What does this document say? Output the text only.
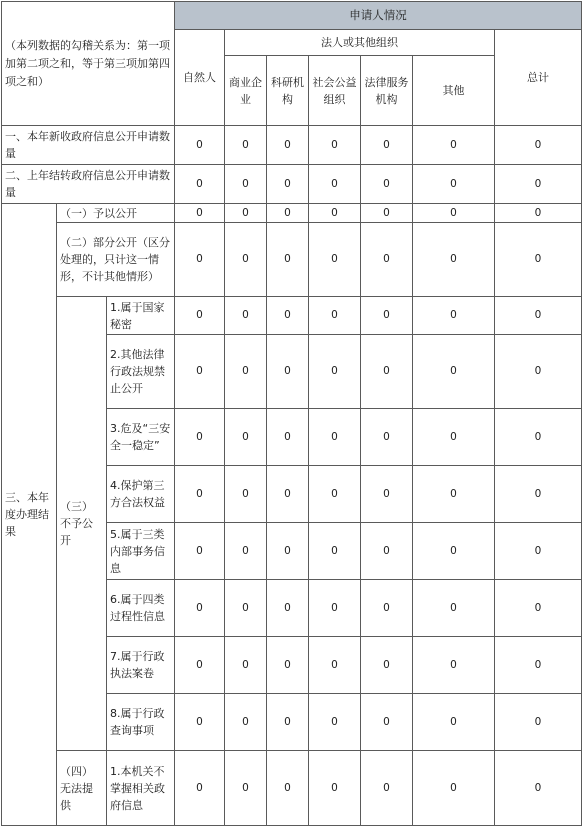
（本列数据的勾稽关系为：第一项加第二项之和，等于第三项加第四项之和）			申请人情况						

			自然人	法人或其他组织					总计

				商业企业	科研机构	社会公益组织	法律服务机构	其他	

一、本年新收政府信息公开申请数量			0	0	0	0	0	0	0
二、上年结转政府信息公开申请数量			0	0	0	0	0	0	0
三、本年度办理结果	（一）予以公开		0	0	0	0	0	0	0
	（二）部分公开（区分处理的，只计这一情形，不计其他情形）		0	0	0	0	0	0	0
	（三）不予公开	1.属于国家秘密	0	0	0	0	0	0	0
		2.其他法律行政法规禁止公开	0	0	0	0	0	0	0
		3.危及“三安全一稳定”	0	0	0	0	0	0	0
		4.保护第三方合法权益	0	0	0	0	0	0	0
		5.属于三类内部事务信息	0	0	0	0	0	0	0
		6.属于四类过程性信息	0	0	0	0	0	0	0
		7.属于行政执法案卷	0	0	0	0	0	0	0
		8.属于行政查询事项	0	0	0	0	0	0	0
	（四）无法提供	1.本机关不掌握相关政府信息	0	0	0	0	0	0	0
